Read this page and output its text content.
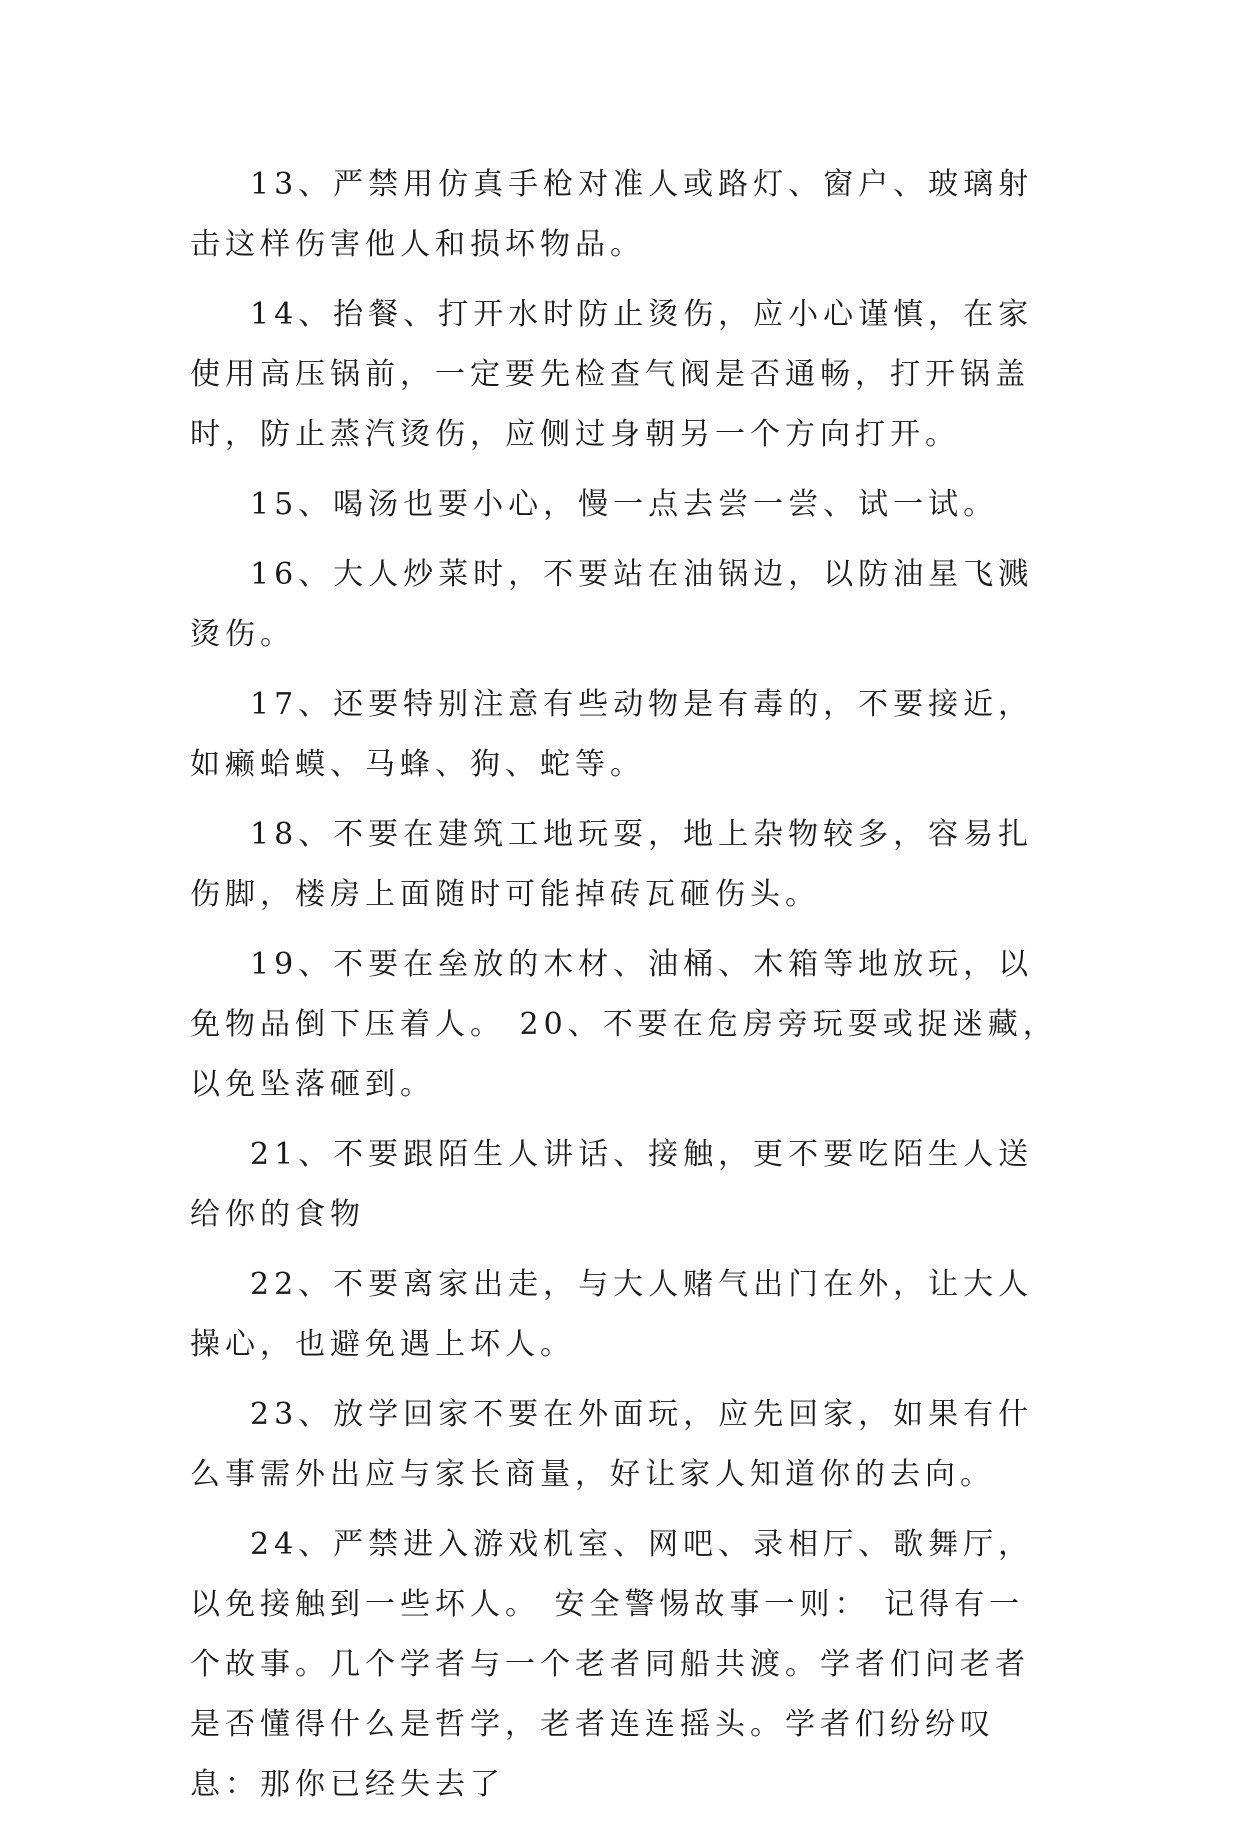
13、严禁用仿真手枪对准人或路灯、窗户、玻璃射击这样伤害他人和损坏物品。

14、抬餐、打开水时防止烫伤，应小心谨慎，在家使用高压锅前，一定要先检查气阀是否通畅，打开锅盖时，防止蒸汽烫伤，应侧过身朝另一个方向打开。

15、喝汤也要小心，慢一点去尝一尝、试一试。

16、大人炒菜时，不要站在油锅边，以防油星飞溅烫伤。

17、还要特别注意有些动物是有毒的，不要接近，如癞蛤蟆、马蜂、狗、蛇等。

18、不要在建筑工地玩耍，地上杂物较多，容易扎伤脚，楼房上面随时可能掉砖瓦砸伤头。

19、不要在垒放的木材、油桶、木箱等地放玩，以免物品倒下压着人。 20、不要在危房旁玩耍或捉迷藏，以免坠落砸到。

21、不要跟陌生人讲话、接触，更不要吃陌生人送给你的食物

22、不要离家出走，与大人赌气出门在外，让大人操心，也避免遇上坏人。

23、放学回家不要在外面玩，应先回家，如果有什么事需外出应与家长商量，好让家人知道你的去向。

24、严禁进入游戏机室、网吧、录相厅、歌舞厅，以免接触到一些坏人。 安全警惕故事一则： 记得有一个故事。几个学者与一个老者同船共渡。学者们问老者是否懂得什么是哲学，老者连连摇头。学者们纷纷叹息：那你已经失去了
